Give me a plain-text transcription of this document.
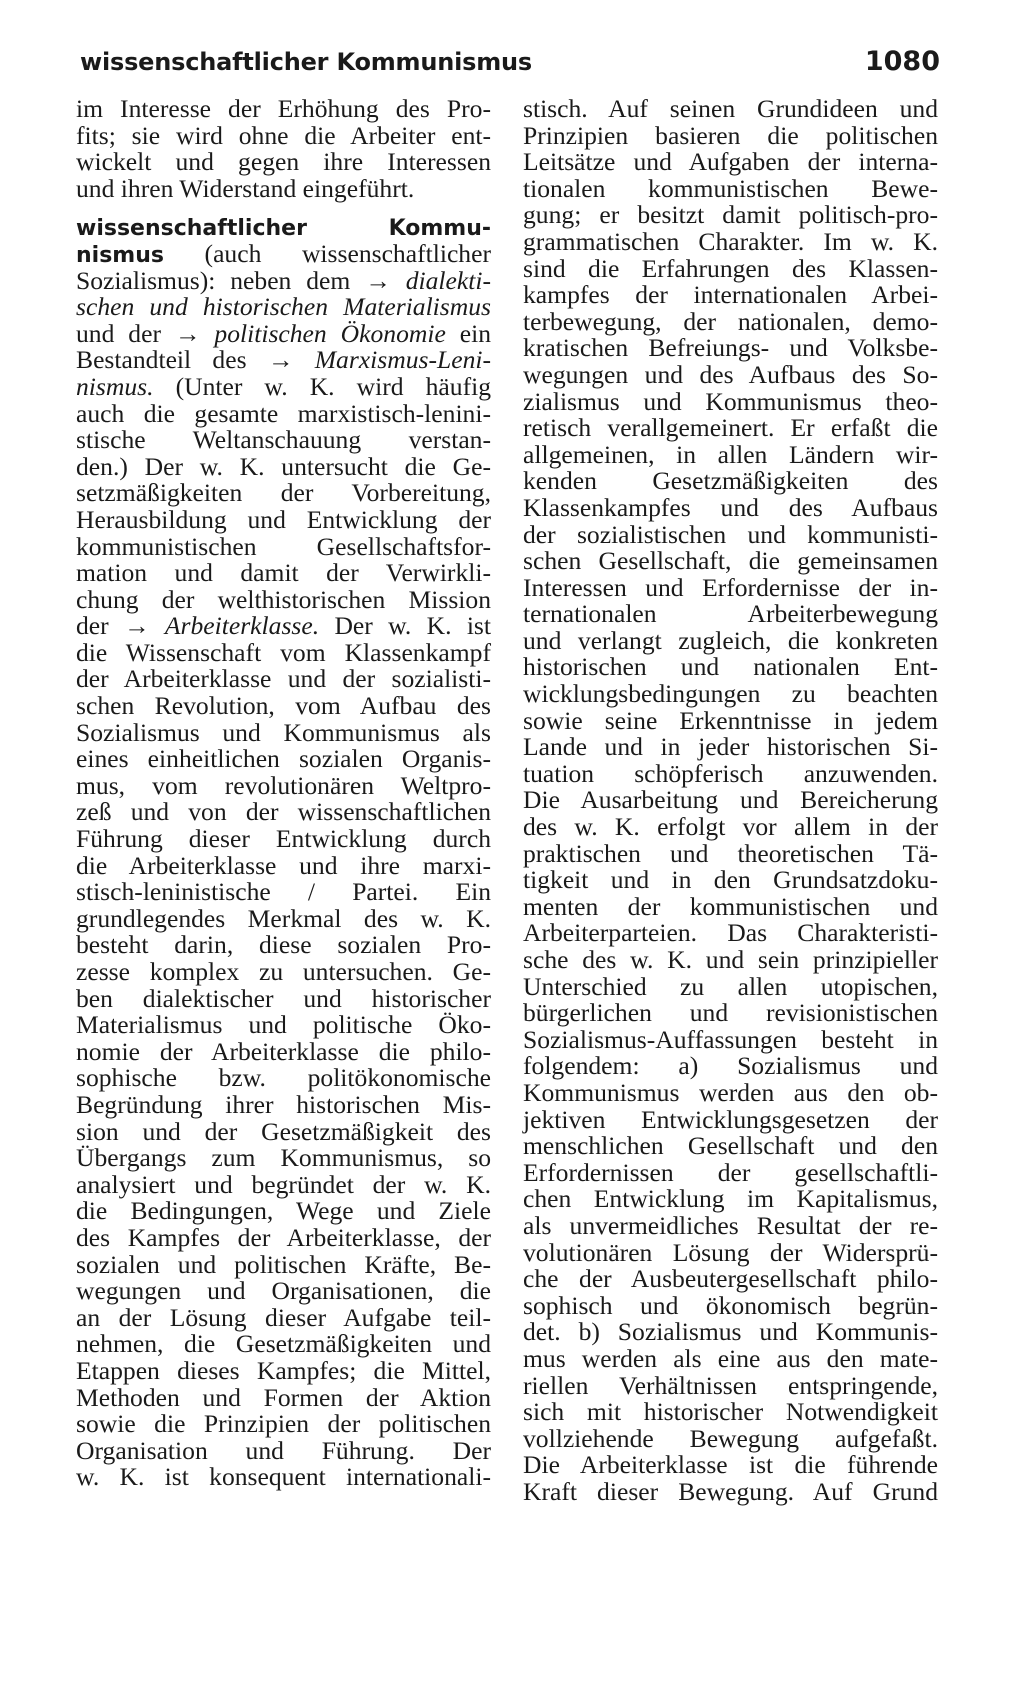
wissenschaftlicher Kommunismus	1080
im Interesse der Erhöhung des Pro-
fits; sie wird ohne die Arbeiter ent-
wickelt und gegen ihre Interessen
und ihren Widerstand eingeführt.
wissenschaftlicher Kommu-
nismus (auch wissenschaftlicher
Sozialismus): neben dem → dialekti-
schen und historischen Materialismus
und der → politischen Ökonomie ein
Bestandteil des → Marxismus-Leni-
nismus. (Unter w. K. wird häufig
auch die gesamte marxistisch-lenini-
stische Weltanschauung verstan-
den.) Der w. K. untersucht die Ge-
setzmäßigkeiten der Vorbereitung,
Herausbildung und Entwicklung der
kommunistischen Gesellschaftsfor-
mation und damit der Verwirkli-
chung der welthistorischen Mission
der → Arbeiterklasse. Der w. K. ist
die Wissenschaft vom Klassenkampf
der Arbeiterklasse und der sozialisti-
schen Revolution, vom Aufbau des
Sozialismus und Kommunismus als
eines einheitlichen sozialen Organis-
mus, vom revolutionären Weltpro-
zeß und von der wissenschaftlichen
Führung dieser Entwicklung durch
die Arbeiterklasse und ihre marxi-
stisch-leninistische / Partei. Ein
grundlegendes Merkmal des w. K.
besteht darin, diese sozialen Pro-
zesse komplex zu untersuchen. Ge-
ben dialektischer und historischer
Materialismus und politische Öko-
nomie der Arbeiterklasse die philo-
sophische bzw. politökonomische
Begründung ihrer historischen Mis-
sion und der Gesetzmäßigkeit des
Übergangs zum Kommunismus, so
analysiert und begründet der w. K.
die Bedingungen, Wege und Ziele
des Kampfes der Arbeiterklasse, der
sozialen und politischen Kräfte, Be-
wegungen und Organisationen, die
an der Lösung dieser Aufgabe teil-
nehmen, die Gesetzmäßigkeiten und
Etappen dieses Kampfes; die Mittel,
Methoden und Formen der Aktion
sowie die Prinzipien der politischen
Organisation und Führung. Der
w. K. ist konsequent internationali-
stisch. Auf seinen Grundideen und
Prinzipien basieren die politischen
Leitsätze und Aufgaben der interna-
tionalen kommunistischen Bewe-
gung; er besitzt damit politisch-pro-
grammatischen Charakter. Im w. K.
sind die Erfahrungen des Klassen-
kampfes der internationalen Arbei-
terbewegung, der nationalen, demo-
kratischen Befreiungs- und Volksbe-
wegungen und des Aufbaus des So-
zialismus und Kommunismus theo-
retisch verallgemeinert. Er erfaßt die
allgemeinen, in allen Ländern wir-
kenden Gesetzmäßigkeiten des
Klassenkampfes und des Aufbaus
der sozialistischen und kommunisti-
schen Gesellschaft, die gemeinsamen
Interessen und Erfordernisse der in-
ternationalen Arbeiterbewegung
und verlangt zugleich, die konkreten
historischen und nationalen Ent-
wicklungsbedingungen zu beachten
sowie seine Erkenntnisse in jedem
Lande und in jeder historischen Si-
tuation schöpferisch anzuwenden.
Die Ausarbeitung und Bereicherung
des w. K. erfolgt vor allem in der
praktischen und theoretischen Tä-
tigkeit und in den Grundsatzdoku-
menten der kommunistischen und
Arbeiterparteien. Das Charakteristi-
sche des w. K. und sein prinzipieller
Unterschied zu allen utopischen,
bürgerlichen und revisionistischen
Sozialismus-Auffassungen besteht in
folgendem: a) Sozialismus und
Kommunismus werden aus den ob-
jektiven Entwicklungsgesetzen der
menschlichen Gesellschaft und den
Erfordernissen der gesellschaftli-
chen Entwicklung im Kapitalismus,
als unvermeidliches Resultat der re-
volutionären Lösung der Widersprü-
che der Ausbeutergesellschaft philo-
sophisch und ökonomisch begrün-
det. b) Sozialismus und Kommunis-
mus werden als eine aus den mate-
riellen Verhältnissen entspringende,
sich mit historischer Notwendigkeit
vollziehende Bewegung aufgefaßt.
Die Arbeiterklasse ist die führende
Kraft dieser Bewegung. Auf Grund
